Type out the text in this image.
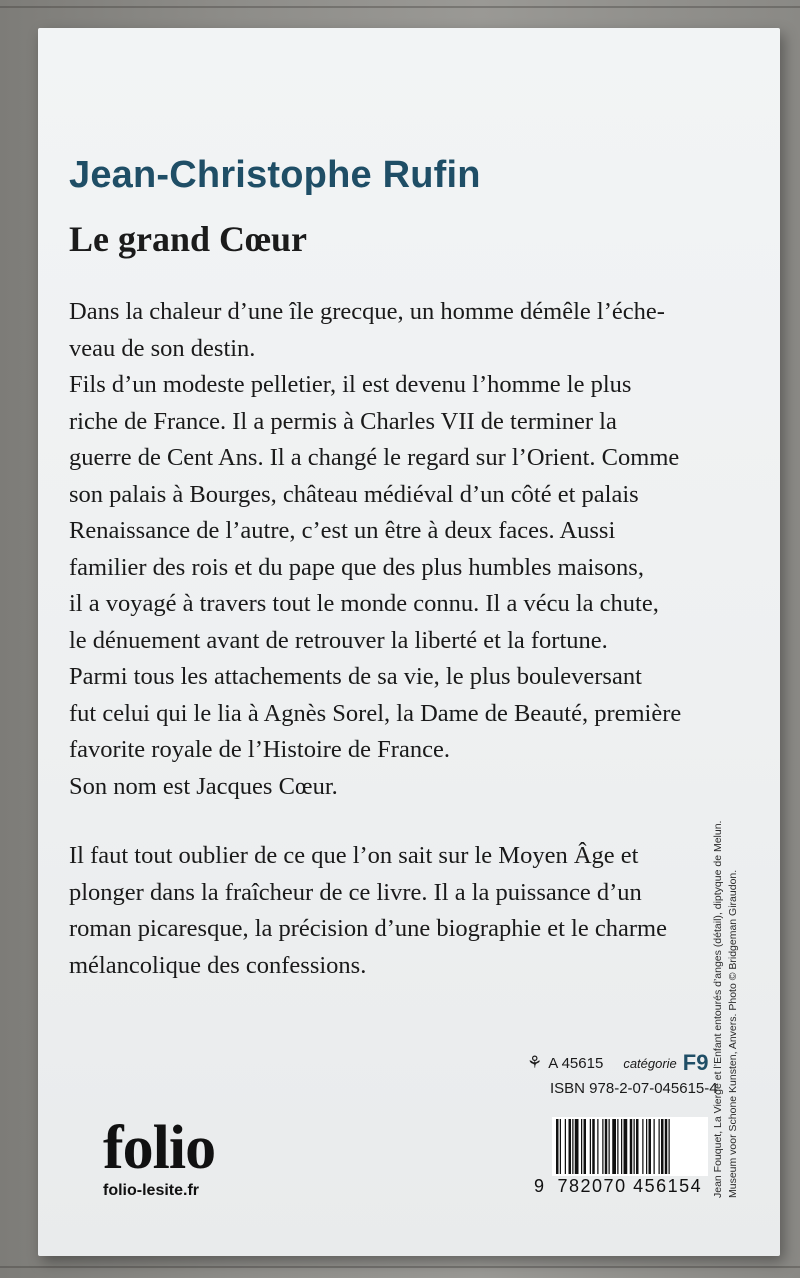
Jean-Christophe Rufin
Le grand Cœur

Dans la chaleur d’une île grecque, un homme démêle l’éche-

veau de son destin.

Fils d’un modeste pelletier, il est devenu l’homme le plus

riche de France. Il a permis à Charles VII de terminer la

guerre de Cent Ans. Il a changé le regard sur l’Orient. Comme

son palais à Bourges, château médiéval d’un côté et palais

Renaissance de l’autre, c’est un être à deux faces. Aussi

familier des rois et du pape que des plus humbles maisons,

il a voyagé à travers tout le monde connu. Il a vécu la chute,

le dénuement avant de retrouver la liberté et la fortune.

Parmi tous les attachements de sa vie, le plus bouleversant

fut celui qui le lia à Agnès Sorel, la Dame de Beauté, première

favorite royale de l’Histoire de France.

Son nom est Jacques Cœur.

Il faut tout oublier de ce que l’on sait sur le Moyen Âge et

plonger dans la fraîcheur de ce livre. Il a la puissance d’un

roman picaresque, la précision d’une biographie et le charme

mélancolique des confessions.

⚘ A 45615 catégorie F9
ISBN 978-2-07-045615-4
9 782070 456154
folio
folio-lesite.fr	Jean Fouquet, La Vierge et l’Enfant entourés d’anges (détail), diptyque de Melun. Museum voor Schone Kunsten, Anvers. Photo © Bridgeman Giraudon.
